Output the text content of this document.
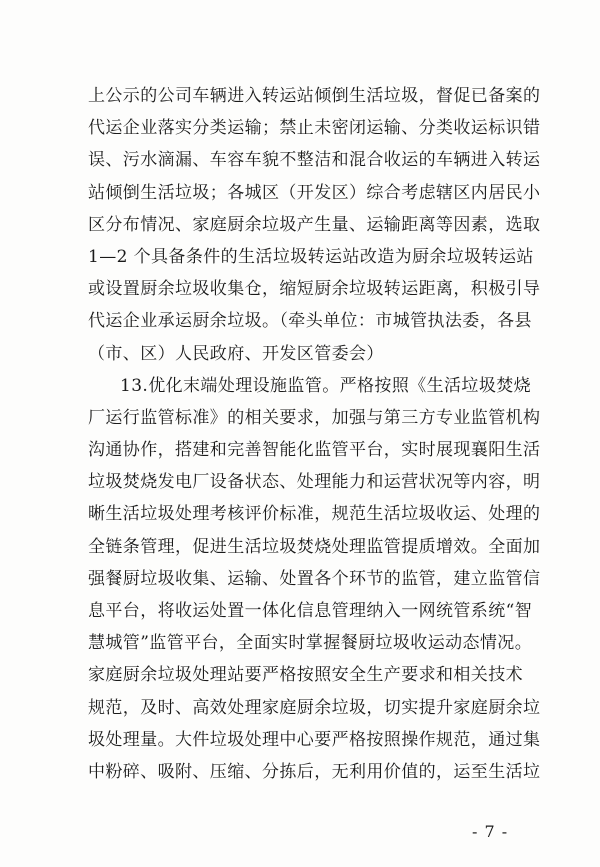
上公示的公司车辆进入转运站倾倒生活垃圾，督促已备案的
代运企业落实分类运输；禁止未密闭运输、分类收运标识错
误、污水滴漏、车容车貌不整洁和混合收运的车辆进入转运
站倾倒生活垃圾；各城区（开发区）综合考虑辖区内居民小
区分布情况、家庭厨余垃圾产生量、运输距离等因素，选取
1—2 个具备条件的生活垃圾转运站改造为厨余垃圾转运站
或设置厨余垃圾收集仓，缩短厨余垃圾转运距离，积极引导
代运企业承运厨余垃圾。（牵头单位：市城管执法委，各县
（市、区）人民政府、开发区管委会）
13.优化末端处理设施监管。严格按照《生活垃圾焚烧
厂运行监管标准》的相关要求，加强与第三方专业监管机构
沟通协作，搭建和完善智能化监管平台，实时展现襄阳生活
垃圾焚烧发电厂设备状态、处理能力和运营状况等内容，明
晰生活垃圾处理考核评价标准，规范生活垃圾收运、处理的
全链条管理，促进生活垃圾焚烧处理监管提质增效。全面加
强餐厨垃圾收集、运输、处置各个环节的监管，建立监管信
息平台，将收运处置一体化信息管理纳入一网统管系统“智
慧城管”监管平台，全面实时掌握餐厨垃圾收运动态情况。
家庭厨余垃圾处理站要严格按照安全生产要求和相关技术
规范，及时、高效处理家庭厨余垃圾，切实提升家庭厨余垃
圾处理量。大件垃圾处理中心要严格按照操作规范，通过集
中粉碎、吸附、压缩、分拣后，无利用价值的，运至生活垃
- 7 -
